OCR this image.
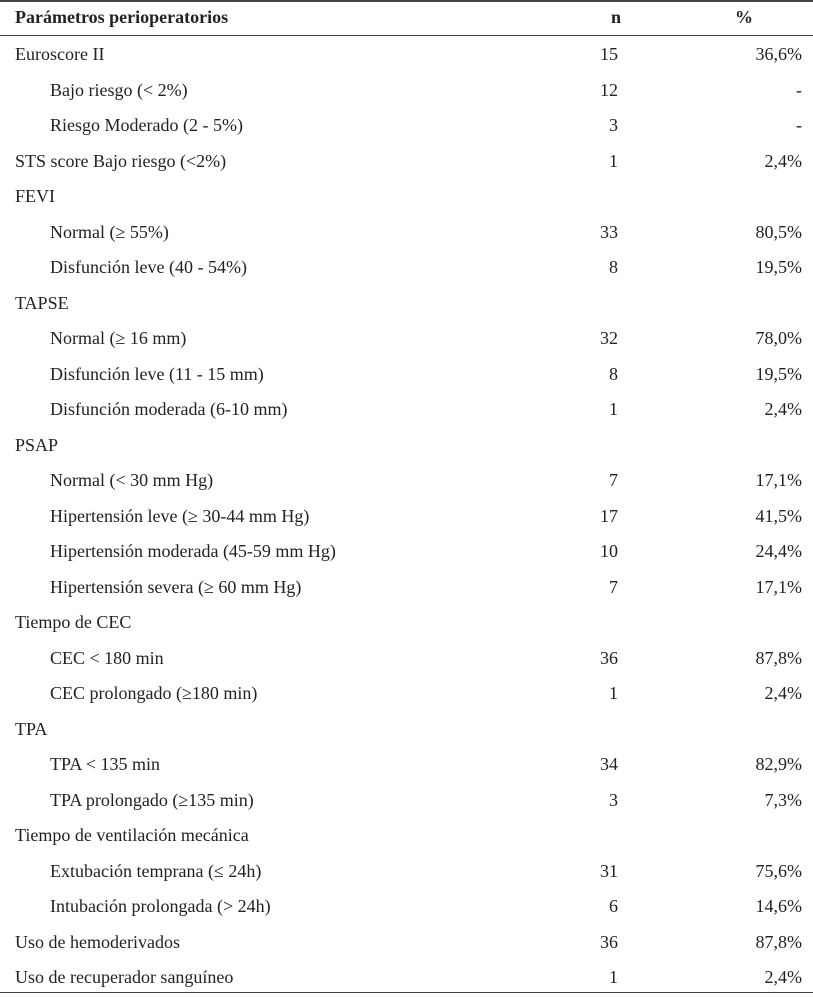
Parámetros perioperatorios	n	%
Euroscore II	15	36,6%
Bajo riesgo (< 2%)	12	-
Riesgo Moderado (2 - 5%)	3	-
STS score Bajo riesgo (<2%)	1	2,4%
FEVI
Normal (≥ 55%)	33	80,5%
Disfunción leve (40 - 54%)	8	19,5%
TAPSE
Normal (≥ 16 mm)	32	78,0%
Disfunción leve (11 - 15 mm)	8	19,5%
Disfunción moderada (6-10 mm)	1	2,4%
PSAP
Normal (< 30 mm Hg)	7	17,1%
Hipertensión leve (≥ 30-44 mm Hg)	17	41,5%
Hipertensión moderada (45-59 mm Hg)	10	24,4%
Hipertensión severa (≥ 60 mm Hg)	7	17,1%
Tiempo de CEC
CEC < 180 min	36	87,8%
CEC prolongado (≥180 min)	1	2,4%
TPA
TPA < 135 min	34	82,9%
TPA prolongado (≥135 min)	3	7,3%
Tiempo de ventilación mecánica
Extubación temprana (≤ 24h)	31	75,6%
Intubación prolongada (> 24h)	6	14,6%
Uso de hemoderivados	36	87,8%
Uso de recuperador sanguíneo	1	2,4%
